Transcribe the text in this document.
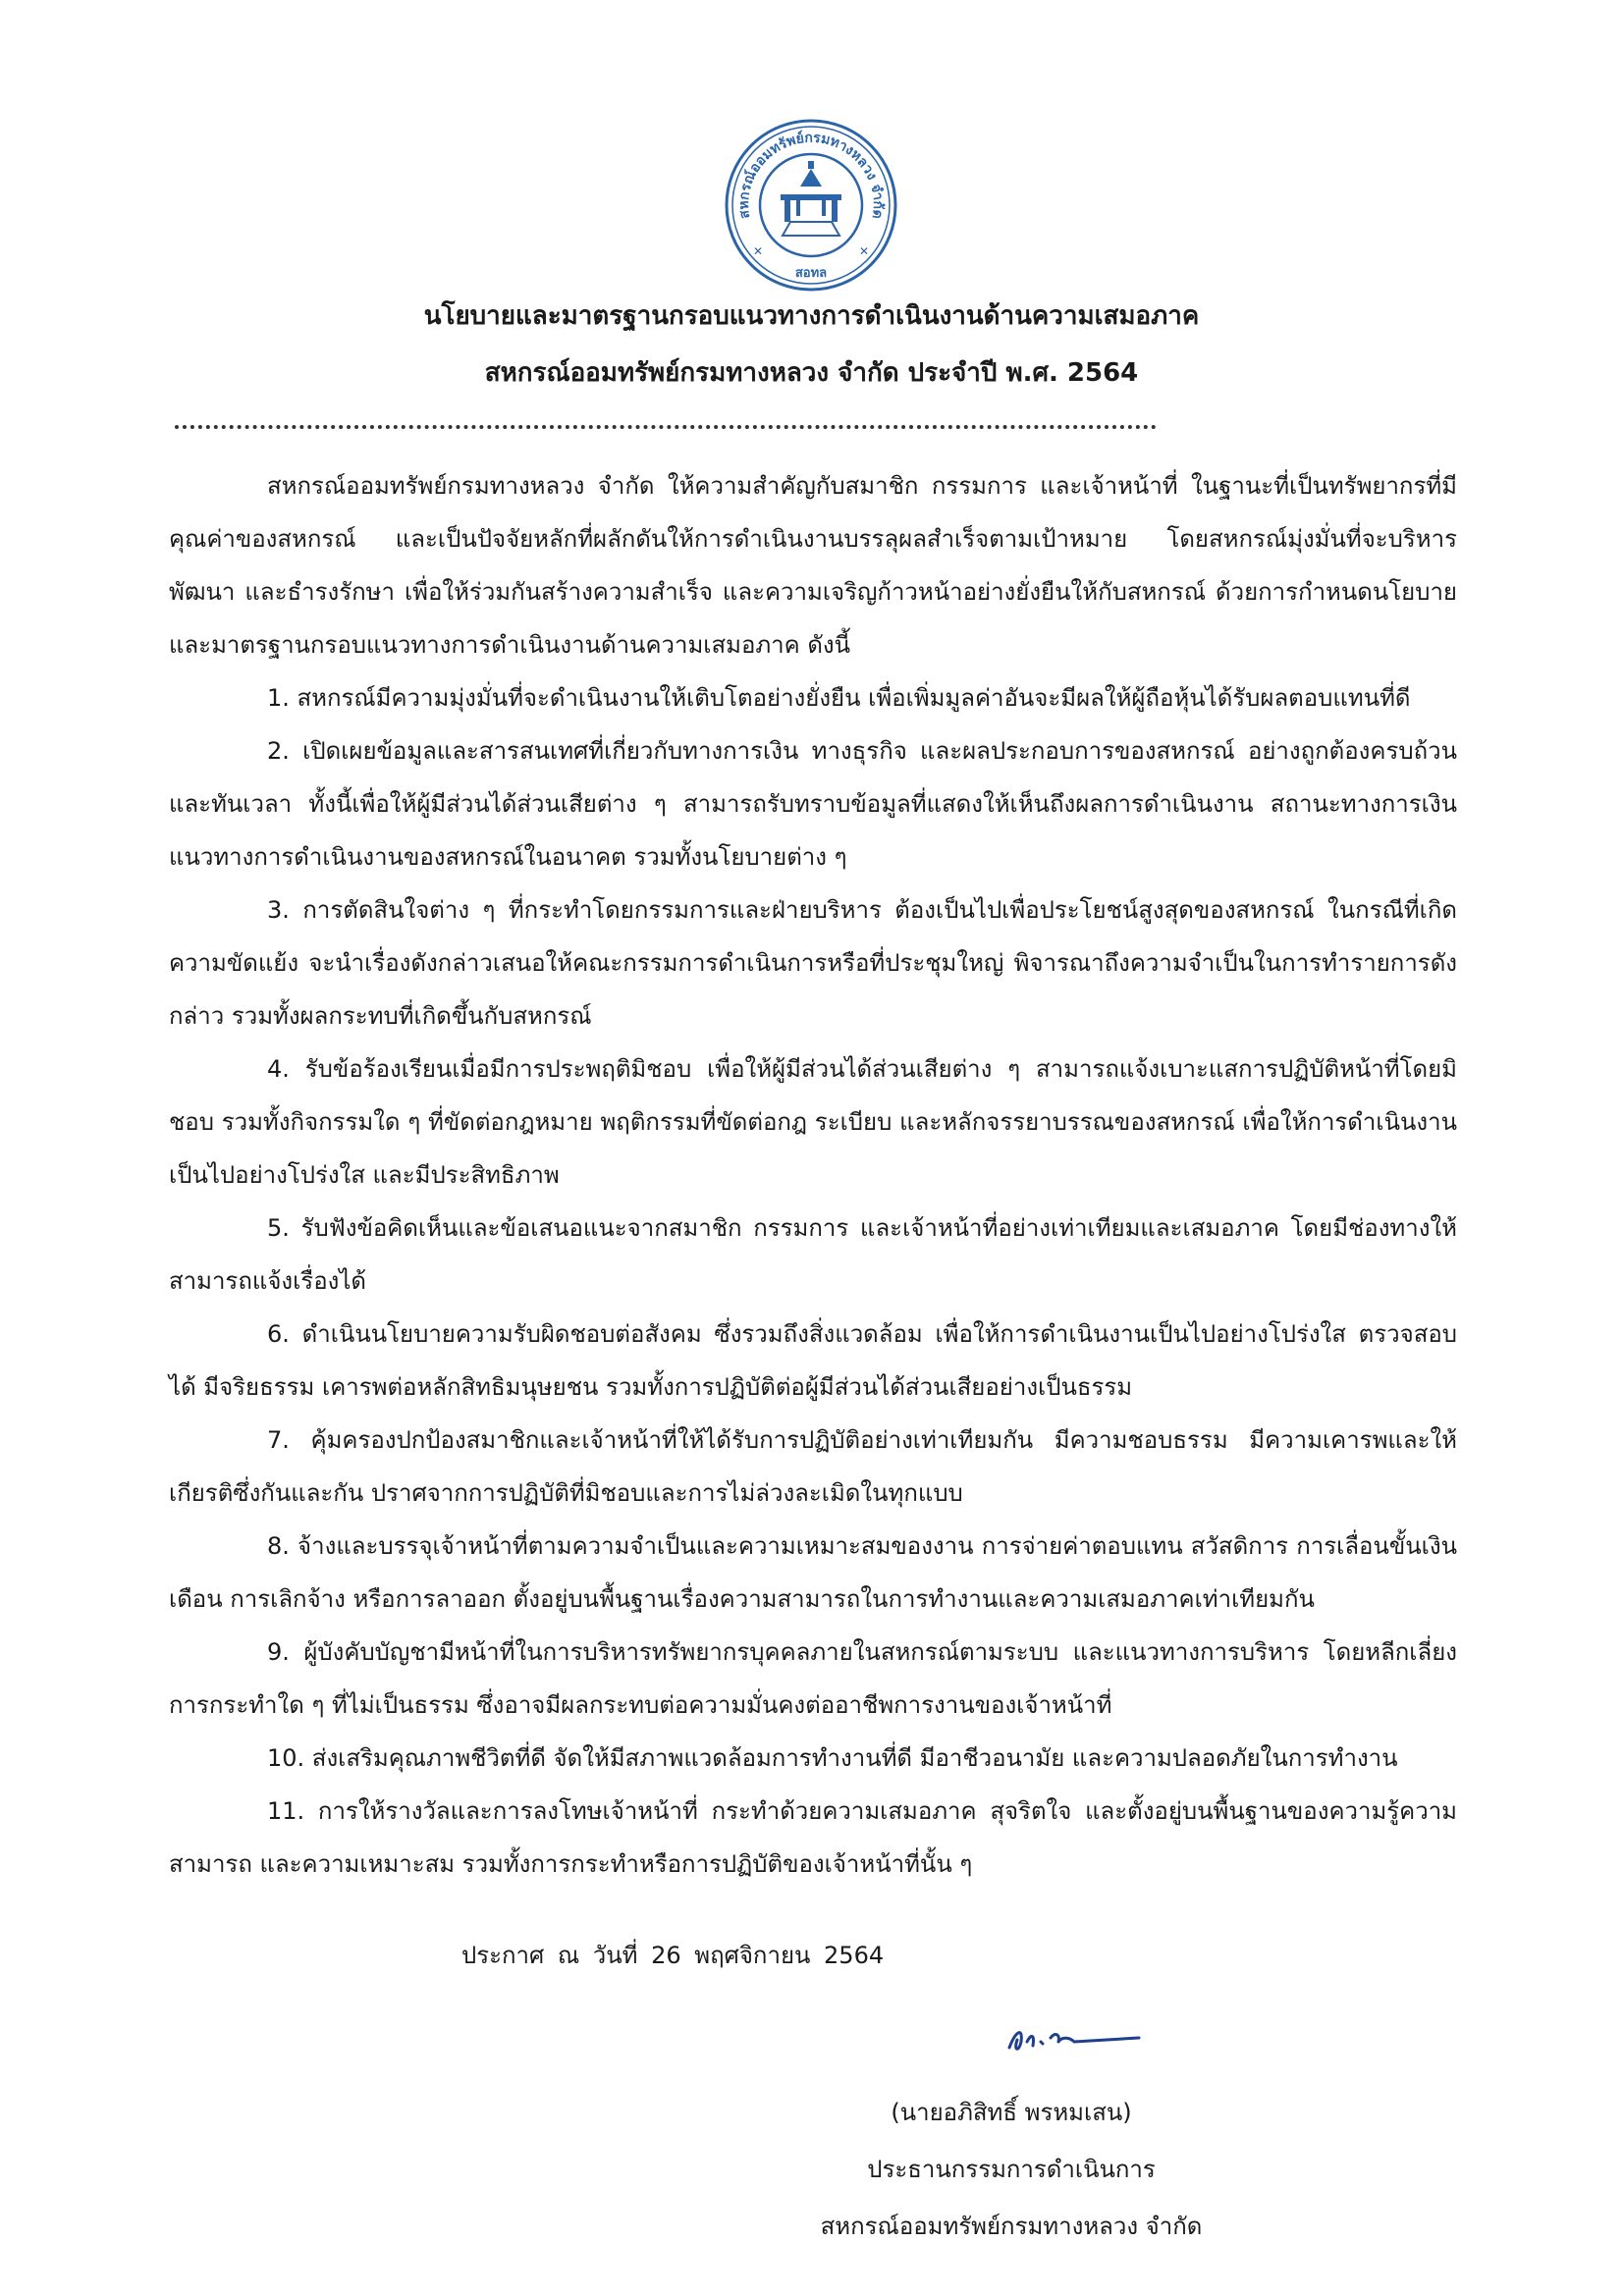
สหกรณ์ออมทรัพย์กรมทางหลวง จำกัด
สอทล
✕	✕
นโยบายและมาตรฐานกรอบแนวทางการดำเนินงานด้านความเสมอภาค
สหกรณ์ออมทรัพย์กรมทางหลวง จำกัด ประจำปี พ.ศ. 2564

สหกรณ์ออมทรัพย์กรมทางหลวง จำกัด ให้ความสำคัญกับสมาชิก กรรมการ และเจ้าหน้าที่ ในฐานะที่เป็นทรัพยากรที่มีคุณค่าของสหกรณ์ และเป็นปัจจัยหลักที่ผลักดันให้การดำเนินงานบรรลุผลสำเร็จตามเป้าหมาย โดยสหกรณ์มุ่งมั่นที่จะบริหาร พัฒนา และธำรงรักษา เพื่อให้ร่วมกันสร้างความสำเร็จ และความเจริญก้าวหน้าอย่างยั่งยืนให้กับสหกรณ์ ด้วยการกำหนดนโยบาย และมาตรฐานกรอบแนวทางการดำเนินงานด้านความเสมอภาค ดังนี้

1. สหกรณ์มีความมุ่งมั่นที่จะดำเนินงานให้เติบโตอย่างยั่งยืน เพื่อเพิ่มมูลค่าอันจะมีผลให้ผู้ถือหุ้นได้รับผลตอบแทนที่ดี

2. เปิดเผยข้อมูลและสารสนเทศที่เกี่ยวกับทางการเงิน ทางธุรกิจ และผลประกอบการของสหกรณ์ อย่างถูกต้องครบถ้วนและทันเวลา ทั้งนี้เพื่อให้ผู้มีส่วนได้ส่วนเสียต่าง ๆ สามารถรับทราบข้อมูลที่แสดงให้เห็นถึงผลการดำเนินงาน สถานะทางการเงิน แนวทางการดำเนินงานของสหกรณ์ในอนาคต รวมทั้งนโยบายต่าง ๆ

3. การตัดสินใจต่าง ๆ ที่กระทำโดยกรรมการและฝ่ายบริหาร ต้องเป็นไปเพื่อประโยชน์สูงสุดของสหกรณ์ ในกรณีที่เกิดความขัดแย้ง จะนำเรื่องดังกล่าวเสนอให้คณะกรรมการดำเนินการหรือที่ประชุมใหญ่ พิจารณาถึงความจำเป็นในการทำรายการดังกล่าว รวมทั้งผลกระทบที่เกิดขึ้นกับสหกรณ์

4. รับข้อร้องเรียนเมื่อมีการประพฤติมิชอบ เพื่อให้ผู้มีส่วนได้ส่วนเสียต่าง ๆ สามารถแจ้งเบาะแสการปฏิบัติหน้าที่โดยมิชอบ รวมทั้งกิจกรรมใด ๆ ที่ขัดต่อกฎหมาย พฤติกรรมที่ขัดต่อกฎ ระเบียบ และหลักจรรยาบรรณของสหกรณ์ เพื่อให้การดำเนินงานเป็นไปอย่างโปร่งใส และมีประสิทธิภาพ

5. รับฟังข้อคิดเห็นและข้อเสนอแนะจากสมาชิก กรรมการ และเจ้าหน้าที่อย่างเท่าเทียมและเสมอภาค โดยมีช่องทางให้สามารถแจ้งเรื่องได้

6. ดำเนินนโยบายความรับผิดชอบต่อสังคม ซึ่งรวมถึงสิ่งแวดล้อม เพื่อให้การดำเนินงานเป็นไปอย่างโปร่งใส ตรวจสอบได้ มีจริยธรรม เคารพต่อหลักสิทธิมนุษยชน รวมทั้งการปฏิบัติต่อผู้มีส่วนได้ส่วนเสียอย่างเป็นธรรม

7. คุ้มครองปกป้องสมาชิกและเจ้าหน้าที่ให้ได้รับการปฏิบัติอย่างเท่าเทียมกัน มีความชอบธรรม มีความเคารพและให้เกียรติซึ่งกันและกัน ปราศจากการปฏิบัติที่มิชอบและการไม่ล่วงละเมิดในทุกแบบ

8. จ้างและบรรจุเจ้าหน้าที่ตามความจำเป็นและความเหมาะสมของงาน การจ่ายค่าตอบแทน สวัสดิการ การเลื่อนขั้นเงินเดือน การเลิกจ้าง หรือการลาออก ตั้งอยู่บนพื้นฐานเรื่องความสามารถในการทำงานและความเสมอภาคเท่าเทียมกัน

9. ผู้บังคับบัญชามีหน้าที่ในการบริหารทรัพยากรบุคคลภายในสหกรณ์ตามระบบ และแนวทางการบริหาร โดยหลีกเลี่ยงการกระทำใด ๆ ที่ไม่เป็นธรรม ซึ่งอาจมีผลกระทบต่อความมั่นคงต่ออาชีพการงานของเจ้าหน้าที่

10. ส่งเสริมคุณภาพชีวิตที่ดี จัดให้มีสภาพแวดล้อมการทำงานที่ดี มีอาชีวอนามัย และความปลอดภัยในการทำงาน

11. การให้รางวัลและการลงโทษเจ้าหน้าที่ กระทำด้วยความเสมอภาค สุจริตใจ และตั้งอยู่บนพื้นฐานของความรู้ความสามารถ และความเหมาะสม รวมทั้งการกระทำหรือการปฏิบัติของเจ้าหน้าที่นั้น ๆ

ประกาศ ณ วันที่ 26 พฤศจิกายน 2564
(นายอภิสิทธิ์ พรหมเสน)
ประธานกรรมการดำเนินการ
สหกรณ์ออมทรัพย์กรมทางหลวง จำกัด
